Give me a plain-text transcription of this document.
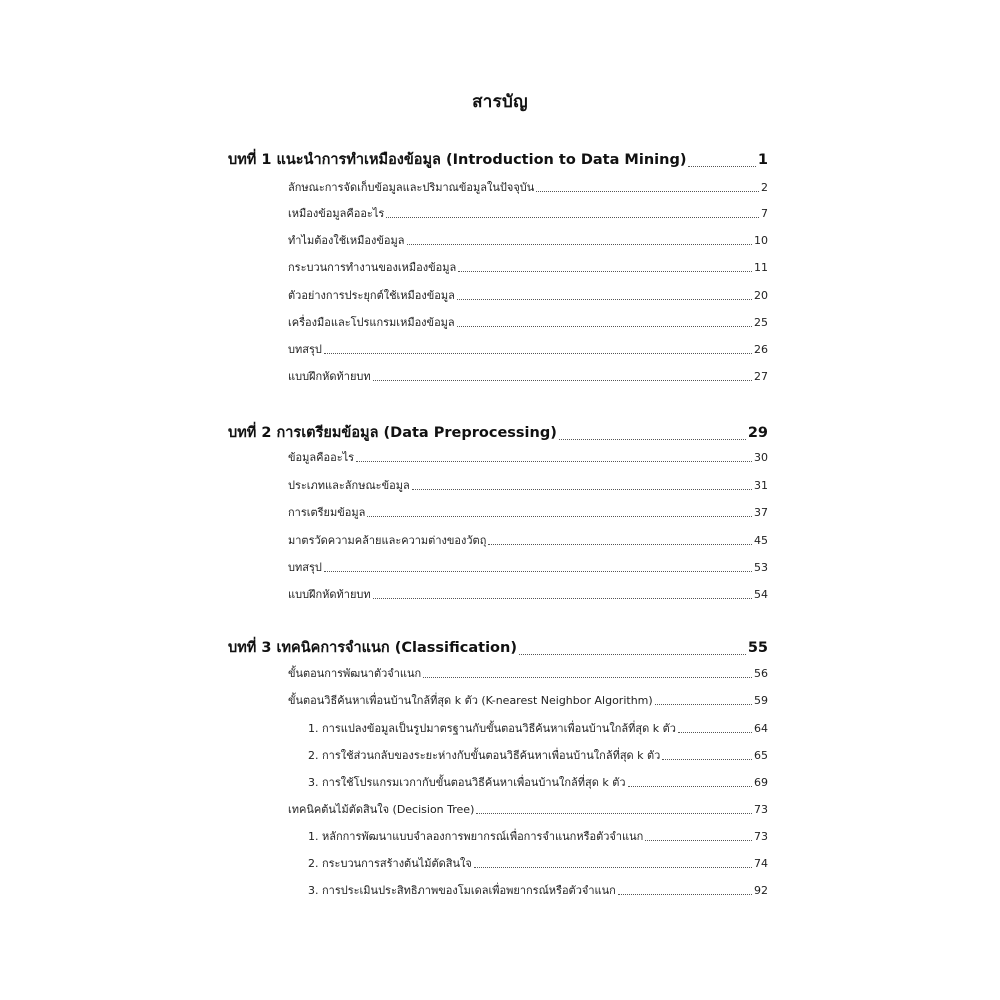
สารบัญ
บทที่ 1 แนะนำการทำเหมืองข้อมูล (Introduction to Data Mining)	1
ลักษณะการจัดเก็บข้อมูลและปริมาณข้อมูลในปัจจุบัน	2
เหมืองข้อมูลคืออะไร	7
ทำไมต้องใช้เหมืองข้อมูล	10
กระบวนการทำงานของเหมืองข้อมูล	11
ตัวอย่างการประยุกต์ใช้เหมืองข้อมูล	20
เครื่องมือและโปรแกรมเหมืองข้อมูล	25
บทสรุป	26
แบบฝึกหัดท้ายบท	27
บทที่ 2 การเตรียมข้อมูล (Data Preprocessing)	29
ข้อมูลคืออะไร	30
ประเภทและลักษณะข้อมูล	31
การเตรียมข้อมูล	37
มาตรวัดความคล้ายและความต่างของวัตถุ	45
บทสรุป	53
แบบฝึกหัดท้ายบท	54
บทที่ 3 เทคนิคการจำแนก (Classification)	55
ขั้นตอนการพัฒนาตัวจำแนก	56
ขั้นตอนวิธีค้นหาเพื่อนบ้านใกล้ที่สุด k ตัว (K-nearest Neighbor Algorithm)	59
1. การแปลงข้อมูลเป็นรูปมาตรฐานกับขั้นตอนวิธีค้นหาเพื่อนบ้านใกล้ที่สุด k ตัว	64
2. การใช้ส่วนกลับของระยะห่างกับขั้นตอนวิธีค้นหาเพื่อนบ้านใกล้ที่สุด k ตัว	65
3. การใช้โปรแกรมเวกากับขั้นตอนวิธีค้นหาเพื่อนบ้านใกล้ที่สุด k ตัว	69
เทคนิคต้นไม้ตัดสินใจ (Decision Tree)	73
1. หลักการพัฒนาแบบจำลองการพยากรณ์เพื่อการจำแนกหรือตัวจำแนก	73
2. กระบวนการสร้างต้นไม้ตัดสินใจ	74
3. การประเมินประสิทธิภาพของโมเดลเพื่อพยากรณ์หรือตัวจำแนก	92
